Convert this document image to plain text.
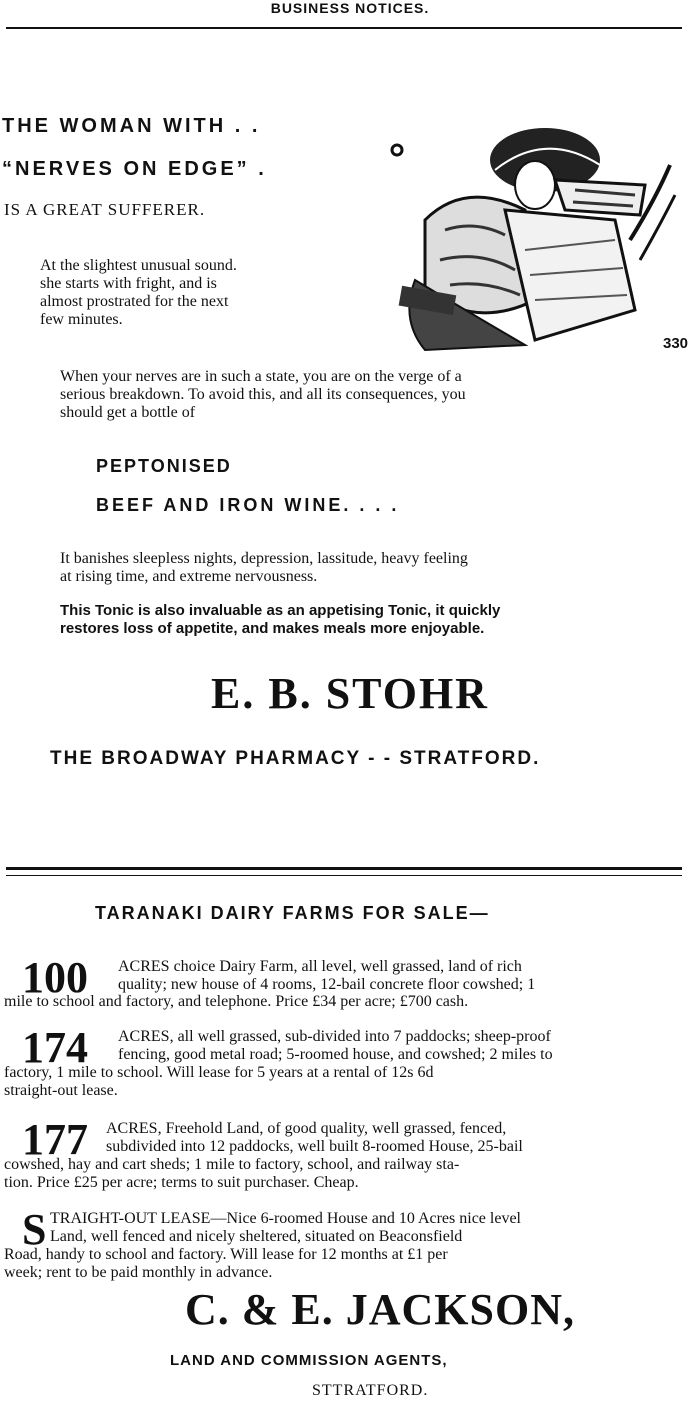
BUSINESS NOTICES.
THE WOMAN WITH . .
“NERVES ON EDGE” .
IS A GREAT SUFFERER.
At the slightest unusual sound.
she starts with fright, and is
almost prostrated for the next
few minutes.
330
When your nerves are in such a state, you are on the verge of a
serious breakdown. To avoid this, and all its consequences, you
should get a bottle of
PEPTONISED
BEEF AND IRON WINE. . . .
It banishes sleepless nights, depression, lassitude, heavy feeling
at rising time, and extreme nervousness.
This Tonic is also invaluable as an appetising Tonic, it quickly
restores loss of appetite, and makes meals more enjoyable.
E. B. STOHR
THE BROADWAY PHARMACY - - STRATFORD.
TARANAKI DAIRY FARMS FOR SALE—
100 ACRES choice Dairy Farm, all level, well grassed, land of rich
quality; new house of 4 rooms, 12-bail concrete floor cowshed; 1
mile to school and factory, and telephone. Price £34 per acre; £700 cash.
174 ACRES, all well grassed, sub-divided into 7 paddocks; sheep-proof
fencing, good metal road; 5-roomed house, and cowshed; 2 miles to
factory, 1 mile to school. Will lease for 5 years at a rental of 12s 6d
straight-out lease.
177 ACRES, Freehold Land, of good quality, well grassed, fenced,
subdivided into 12 paddocks, well built 8-roomed House, 25-bail
cowshed, hay and cart sheds; 1 mile to factory, school, and railway sta-
tion. Price £25 per acre; terms to suit purchaser. Cheap.
S TRAIGHT-OUT LEASE—Nice 6-roomed House and 10 Acres nice level
Land, well fenced and nicely sheltered, situated on Beaconsfield
Road, handy to school and factory. Will lease for 12 months at £1 per
week; rent to be paid monthly in advance.
C. & E. JACKSON,
LAND AND COMMISSION AGENTS,
STTRATFORD.
